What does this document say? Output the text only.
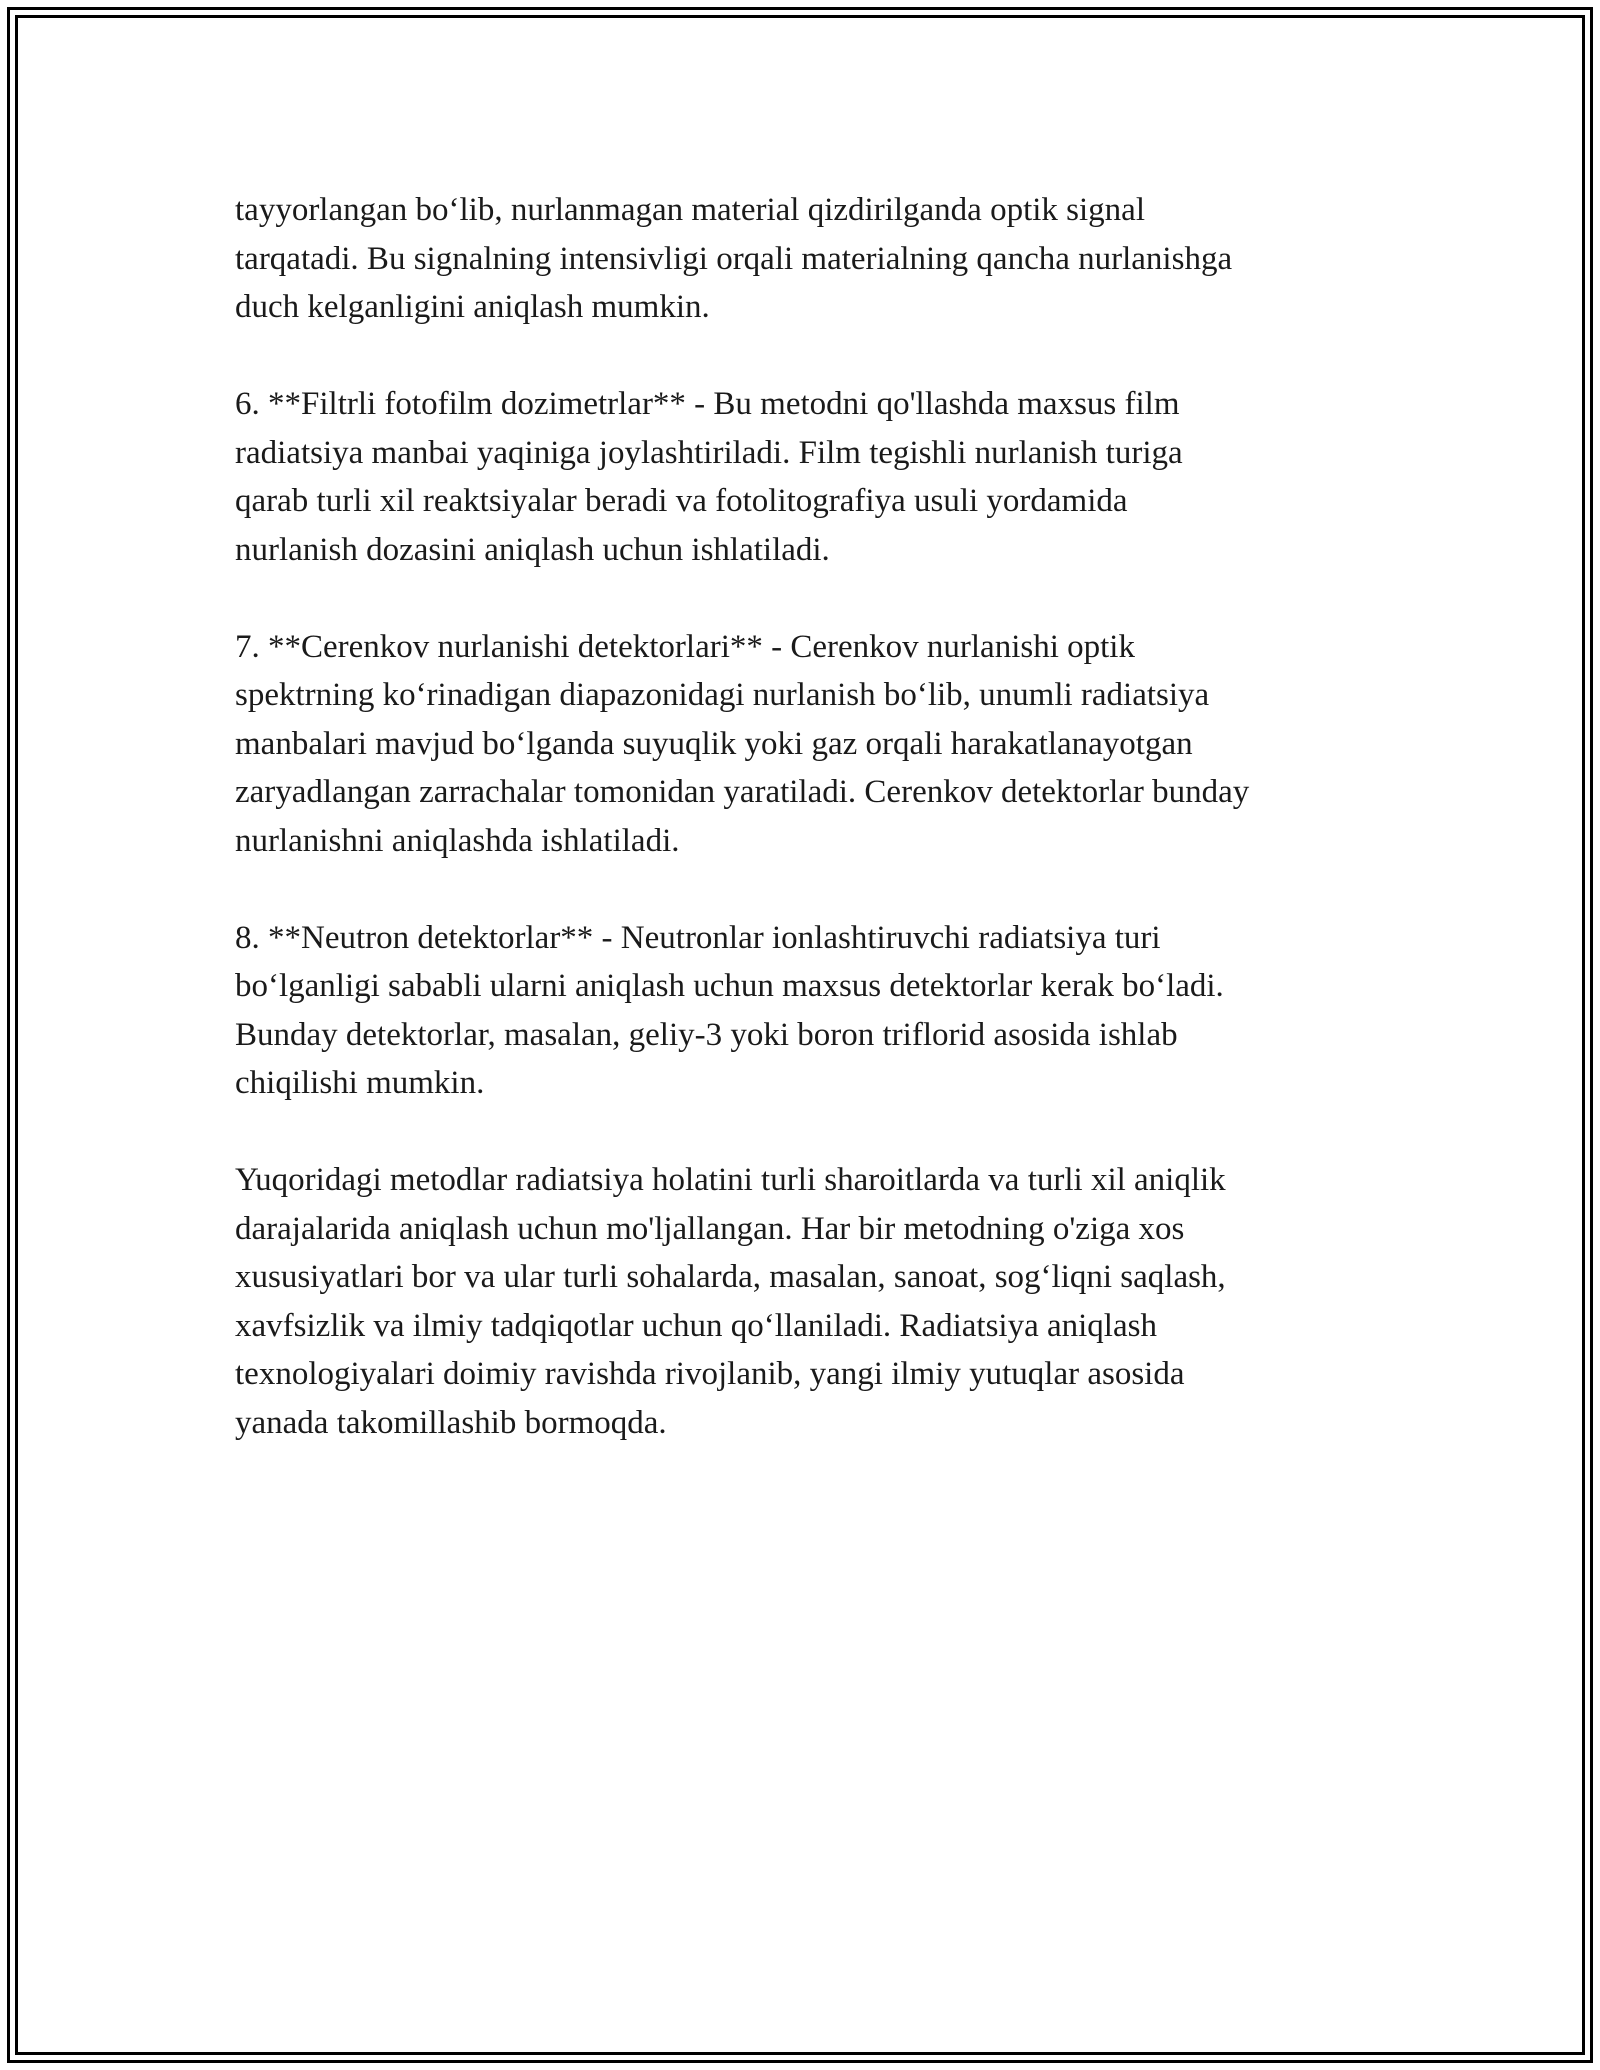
tayyorlangan bo‘lib, nurlanmagan material qizdirilganda optik signal
tarqatadi. Bu signalning intensivligi orqali materialning qancha nurlanishga
duch kelganligini aniqlash mumkin.

6. **Filtrli fotofilm dozimetrlar** - Bu metodni qo'llashda maxsus film
radiatsiya manbai yaqiniga joylashtiriladi. Film tegishli nurlanish turiga
qarab turli xil reaktsiyalar beradi va fotolitografiya usuli yordamida
nurlanish dozasini aniqlash uchun ishlatiladi.

7. **Cerenkov nurlanishi detektorlari** - Cerenkov nurlanishi optik
spektrning ko‘rinadigan diapazonidagi nurlanish bo‘lib, unumli radiatsiya
manbalari mavjud bo‘lganda suyuqlik yoki gaz orqali harakatlanayotgan
zaryadlangan zarrachalar tomonidan yaratiladi. Cerenkov detektorlar bunday
nurlanishni aniqlashda ishlatiladi.

8. **Neutron detektorlar** - Neutronlar ionlashtiruvchi radiatsiya turi
bo‘lganligi sababli ularni aniqlash uchun maxsus detektorlar kerak bo‘ladi.
Bunday detektorlar, masalan, geliy-3 yoki boron triflorid asosida ishlab
chiqilishi mumkin.

Yuqoridagi metodlar radiatsiya holatini turli sharoitlarda va turli xil aniqlik
darajalarida aniqlash uchun mo'ljallangan. Har bir metodning o'ziga xos
xususiyatlari bor va ular turli sohalarda, masalan, sanoat, sog‘liqni saqlash,
xavfsizlik va ilmiy tadqiqotlar uchun qo‘llaniladi. Radiatsiya aniqlash
texnologiyalari doimiy ravishda rivojlanib, yangi ilmiy yutuqlar asosida
yanada takomillashib bormoqda.
